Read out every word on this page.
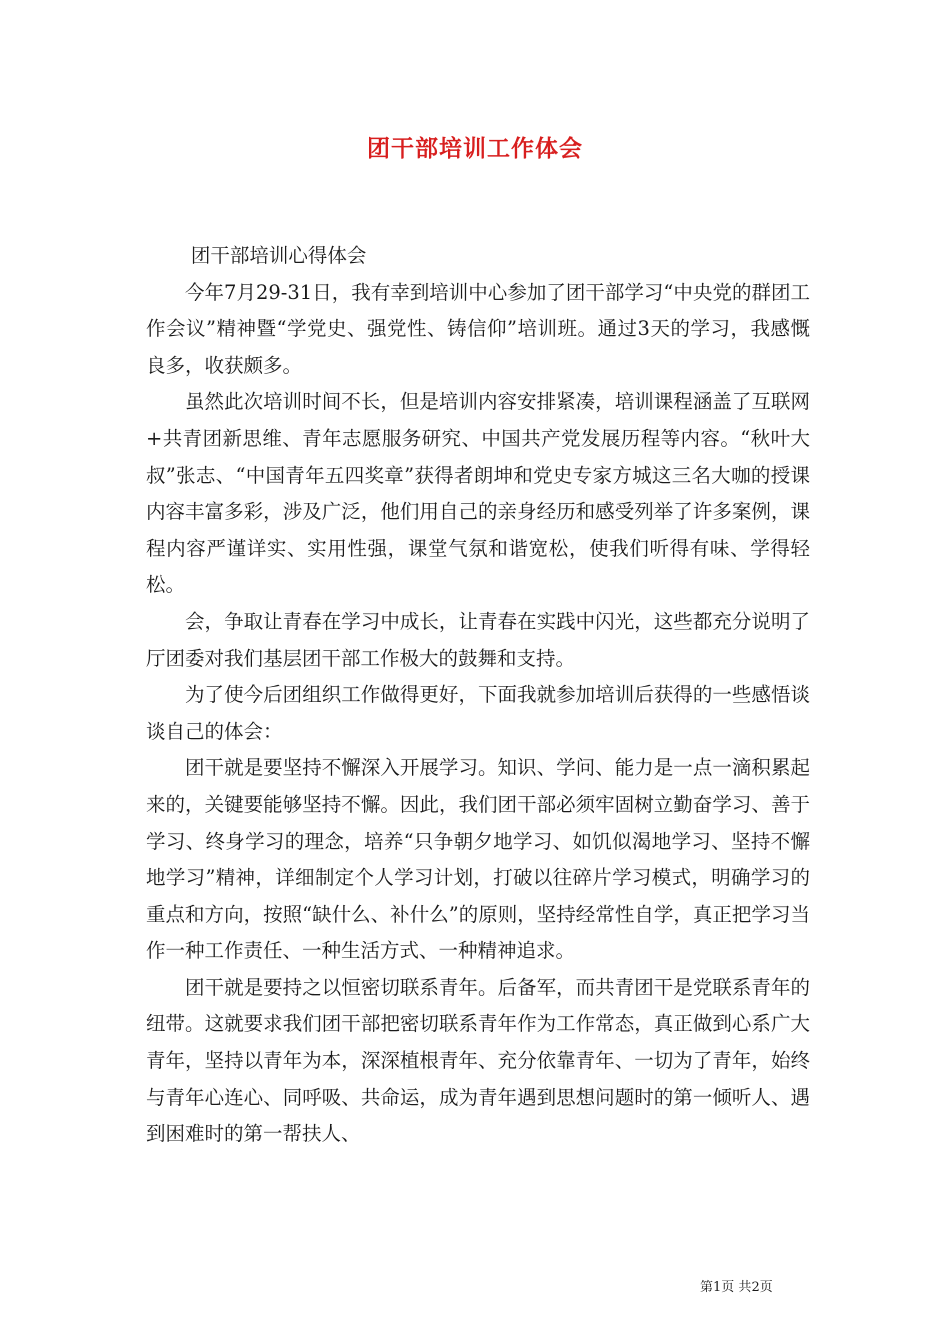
团干部培训工作体会

团干部培训心得体会

今年7月29-31日，我有幸到培训中心参加了团干部学习“中央党的群团工作会议”精神暨“学党史、强党性、铸信仰”培训班。通过3天的学习，我感慨良多，收获颇多。

虽然此次培训时间不长，但是培训内容安排紧凑，培训课程涵盖了互联网+共青团新思维、青年志愿服务研究、中国共产党发展历程等内容。“秋叶大叔”张志、“中国青年五四奖章”获得者朗坤和党史专家方城这三名大咖的授课内容丰富多彩，涉及广泛，他们用自己的亲身经历和感受列举了许多案例，课程内容严谨详实、实用性强，课堂气氛和谐宽松，使我们听得有味、学得轻松。

会，争取让青春在学习中成长，让青春在实践中闪光，这些都充分说明了厅团委对我们基层团干部工作极大的鼓舞和支持。

为了使今后团组织工作做得更好，下面我就参加培训后获得的一些感悟谈谈自己的体会：

团干就是要坚持不懈深入开展学习。知识、学问、能力是一点一滴积累起来的，关键要能够坚持不懈。因此，我们团干部必须牢固树立勤奋学习、善于学习、终身学习的理念，培养“只争朝夕地学习、如饥似渴地学习、坚持不懈地学习”精神，详细制定个人学习计划，打破以往碎片学习模式，明确学习的重点和方向，按照“缺什么、补什么”的原则，坚持经常性自学，真正把学习当作一种工作责任、一种生活方式、一种精神追求。

团干就是要持之以恒密切联系青年。后备军，而共青团干是党联系青年的纽带。这就要求我们团干部把密切联系青年作为工作常态，真正做到心系广大青年，坚持以青年为本，深深植根青年、充分依靠青年、一切为了青年，始终与青年心连心、同呼吸、共命运，成为青年遇到思想问题时的第一倾听人、遇到困难时的第一帮扶人、

第1页 共2页
